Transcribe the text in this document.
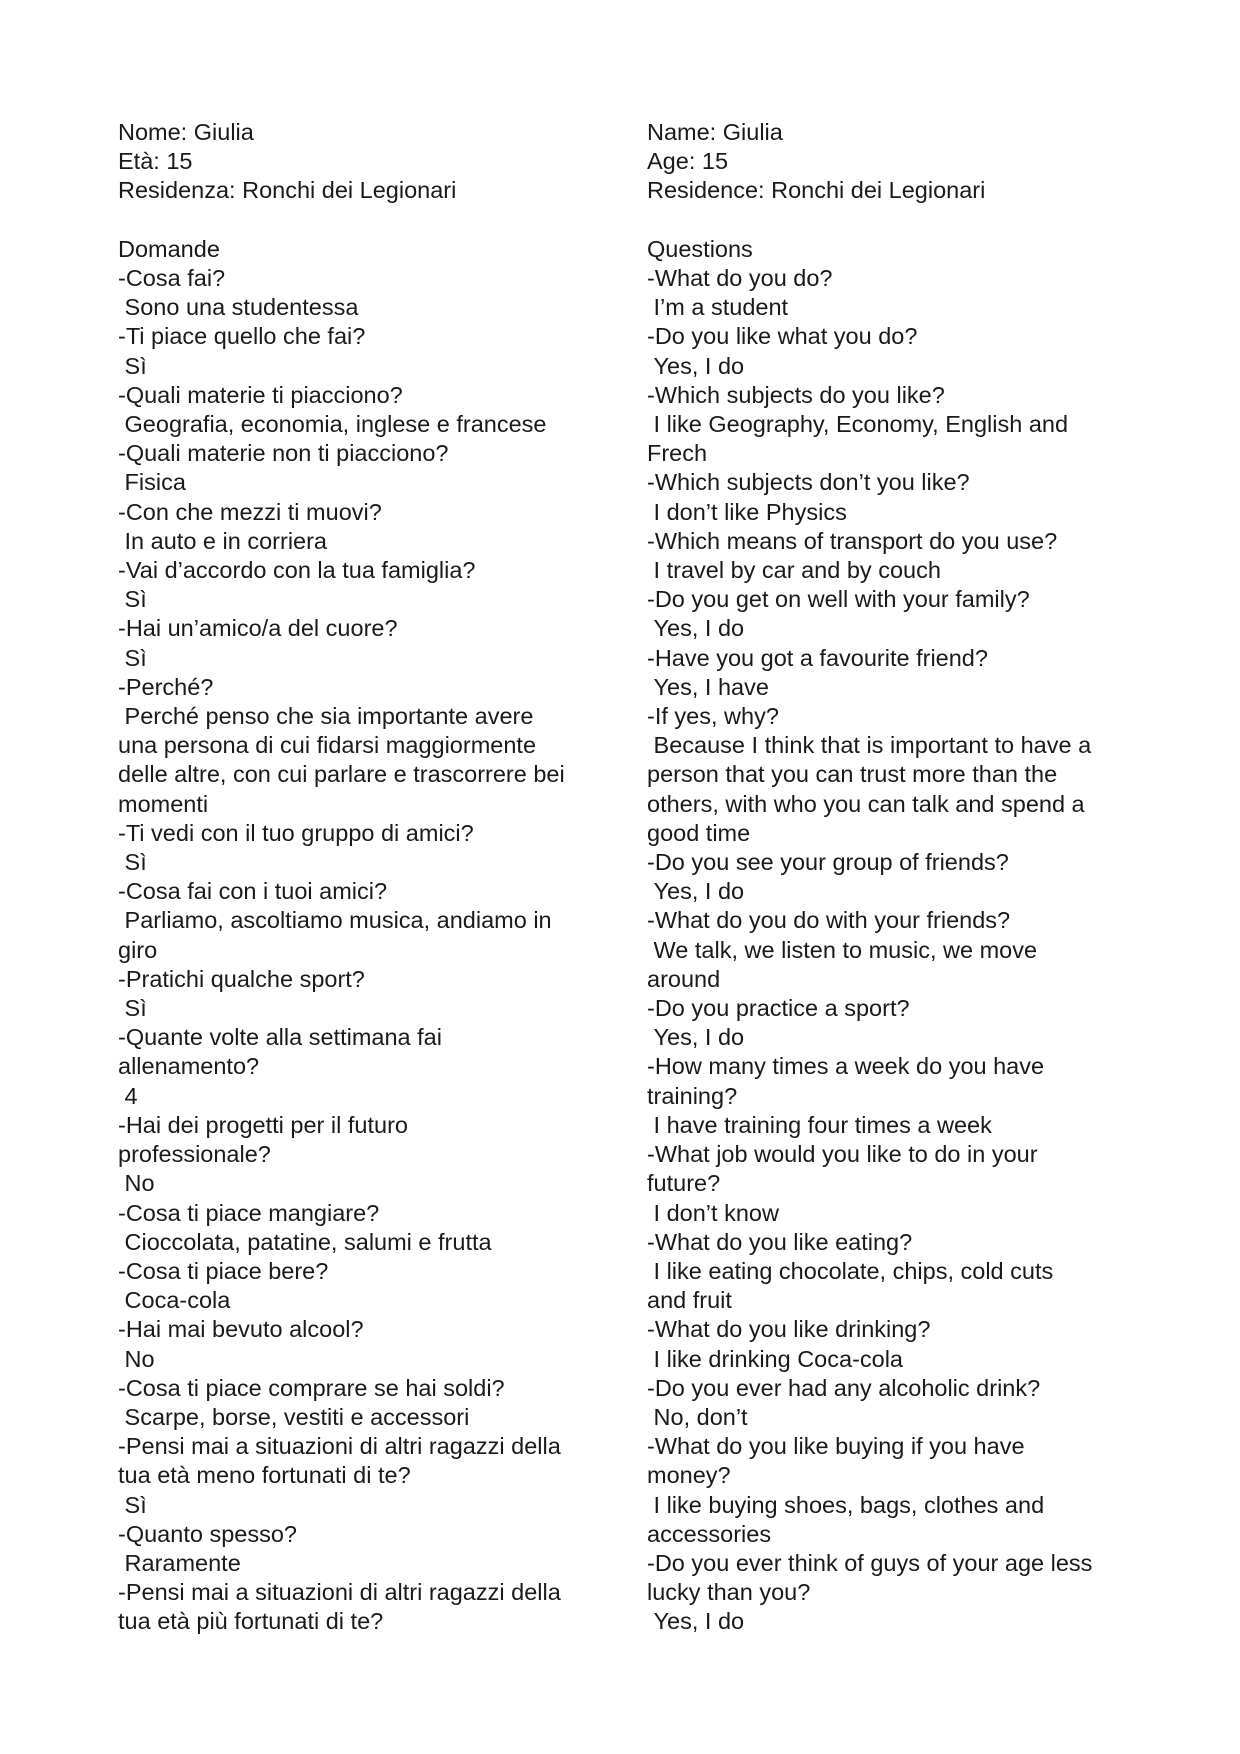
Nome: Giulia
Età: 15
Residenza: Ronchi dei Legionari
Domande
-Cosa fai?
Sono una studentessa
-Ti piace quello che fai?
Sì
-Quali materie ti piacciono?
Geografia, economia, inglese e francese
-Quali materie non ti piacciono?
Fisica
-Con che mezzi ti muovi?
In auto e in corriera
-Vai d’accordo con la tua famiglia?
Sì
-Hai un’amico/a del cuore?
Sì
-Perché?
Perché penso che sia importante avere
una persona di cui fidarsi maggiormente
delle altre, con cui parlare e trascorrere bei
momenti
-Ti vedi con il tuo gruppo di amici?
Sì
-Cosa fai con i tuoi amici?
Parliamo, ascoltiamo musica, andiamo in
giro
-Pratichi qualche sport?
Sì
-Quante volte alla settimana fai
allenamento?
4
-Hai dei progetti per il futuro
professionale?
No
-Cosa ti piace mangiare?
Cioccolata, patatine, salumi e frutta
-Cosa ti piace bere?
Coca-cola
-Hai mai bevuto alcool?
No
-Cosa ti piace comprare se hai soldi?
Scarpe, borse, vestiti e accessori
-Pensi mai a situazioni di altri ragazzi della
tua età meno fortunati di te?
Sì
-Quanto spesso?
Raramente
-Pensi mai a situazioni di altri ragazzi della
tua età più fortunati di te?
Name: Giulia
Age: 15
Residence: Ronchi dei Legionari
Questions
-What do you do?
I’m a student
-Do you like what you do?
Yes, I do
-Which subjects do you like?
I like Geography, Economy, English and
Frech
-Which subjects don’t you like?
I don’t like Physics
-Which means of transport do you use?
I travel by car and by couch
-Do you get on well with your family?
Yes, I do
-Have you got a favourite friend?
Yes, I have
-If yes, why?
Because I think that is important to have a
person that you can trust more than the
others, with who you can talk and spend a
good time
-Do you see your group of friends?
Yes, I do
-What do you do with your friends?
We talk, we listen to music, we move
around
-Do you practice a sport?
Yes, I do
-How many times a week do you have
training?
I have training four times a week
-What job would you like to do in your
future?
I don’t know
-What do you like eating?
I like eating chocolate, chips, cold cuts
and fruit
-What do you like drinking?
I like drinking Coca-cola
-Do you ever had any alcoholic drink?
No, don’t
-What do you like buying if you have
money?
I like buying shoes, bags, clothes and
accessories
-Do you ever think of guys of your age less
lucky than you?
Yes, I do
